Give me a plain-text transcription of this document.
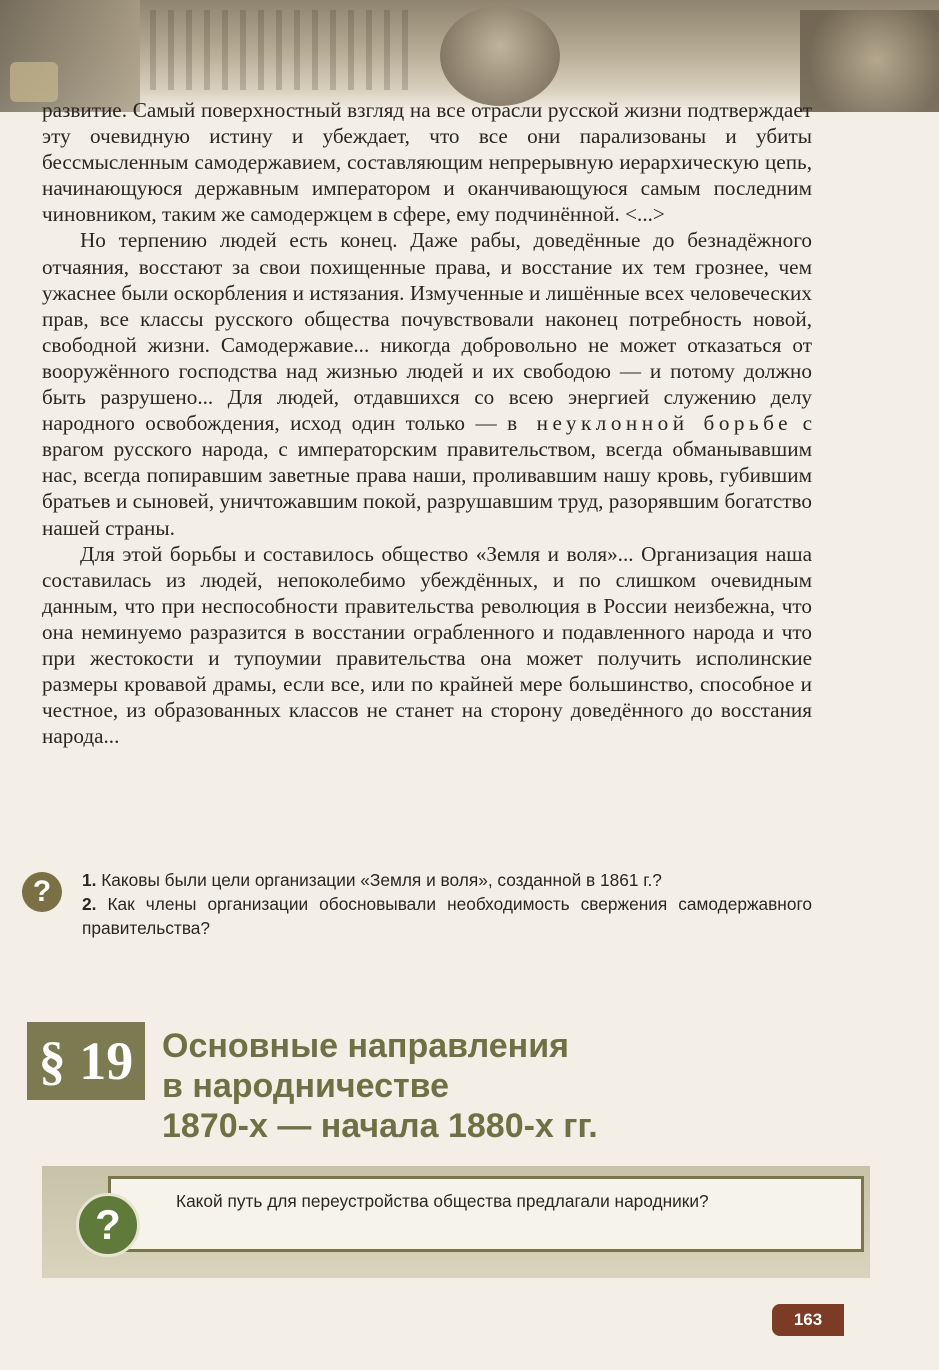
развитие. Самый поверхностный взгляд на все отрасли русской жизни подтверждает эту очевидную истину и убеждает, что все они парализованы и убиты бессмысленным самодержавием, составляющим непрерывную иерархическую цепь, начинающуюся державным императором и оканчивающуюся самым последним чиновником, таким же самодержцем в сфере, ему подчинённой. <...>

Но терпению людей есть конец. Даже рабы, доведённые до безнадёжного отчаяния, восстают за свои похищенные права, и восстание их тем грознее, чем ужаснее были оскорбления и истязания. Измученные и лишённые всех человеческих прав, все классы русского общества почувствовали наконец потребность новой, свободной жизни. Самодержавие... никогда добровольно не может отказаться от вооружённого господства над жизнью людей и их свободою — и потому должно быть разрушено... Для людей, отдавшихся со всею энергией служению делу народного освобождения, исход один только — в неуклонной борьбе с врагом русского народа, с императорским правительством, всегда обманывавшим нас, всегда попиравшим заветные права наши, проливавшим нашу кровь, губившим братьев и сыновей, уничтожавшим покой, разрушавшим труд, разорявшим богатство нашей страны.

Для этой борьбы и составилось общество «Земля и воля»... Организация наша составилась из людей, непоколебимо убеждённых, и по слишком очевидным данным, что при неспособности правительства революция в России неизбежна, что она неминуемо разразится в восстании ограбленного и подавленного народа и что при жестокости и тупоумии правительства она может получить исполинские размеры кровавой драмы, если все, или по крайней мере большинство, способное и честное, из образованных классов не станет на сторону доведённого до восстания народа...

?	1. Каковы были цели организации «Земля и воля», созданной в 1861 г.?

2. Как члены организации обосновывали необходимость свержения самодержавного правительства?

§ 19 Основные направления
в народничестве
1870-х — начала 1880-х гг.
?	Какой путь для переустройства общества предлагали народники?
163
